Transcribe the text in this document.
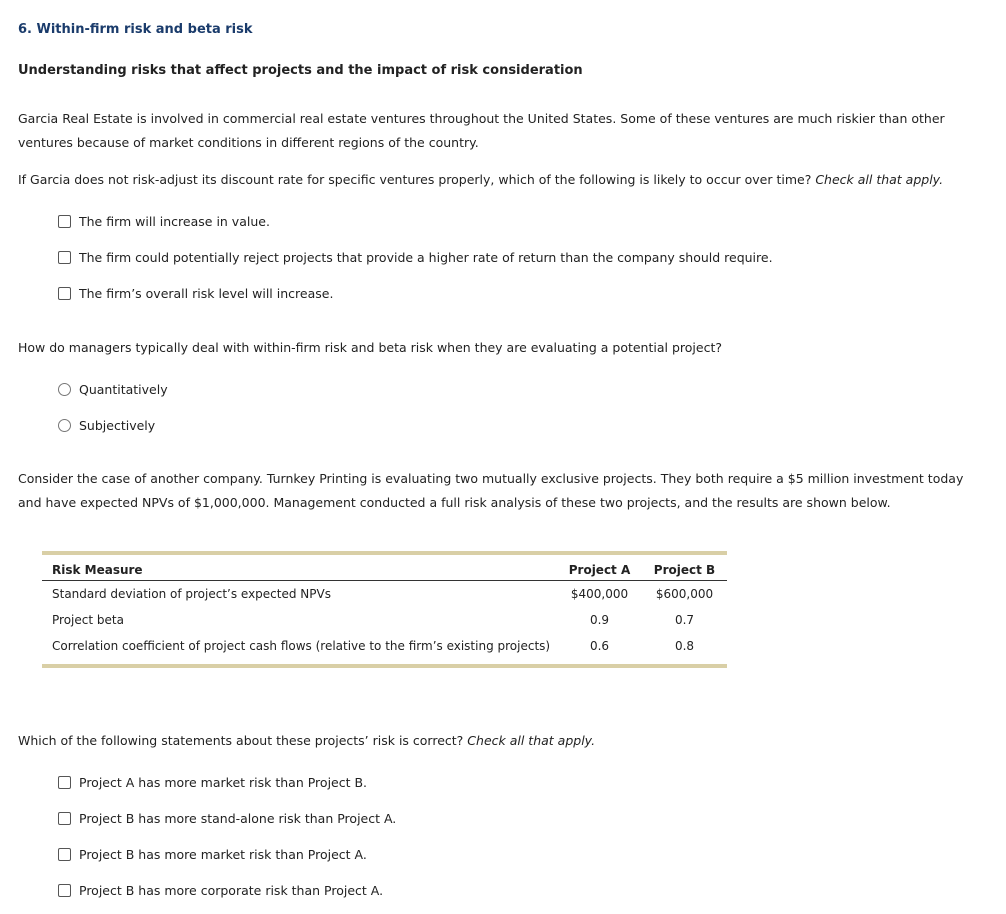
6. Within-firm risk and beta risk
Understanding risks that affect projects and the impact of risk consideration
Garcia Real Estate is involved in commercial real estate ventures throughout the United States. Some of these ventures are much riskier than other
ventures because of market conditions in different regions of the country.
If Garcia does not risk-adjust its discount rate for specific ventures properly, which of the following is likely to occur over time? Check all that apply.
The firm will increase in value.
The firm could potentially reject projects that provide a higher rate of return than the company should require.
The firm’s overall risk level will increase.
How do managers typically deal with within-firm risk and beta risk when they are evaluating a potential project?
Quantitatively
Subjectively
Consider the case of another company. Turnkey Printing is evaluating two mutually exclusive projects. They both require a $5 million investment today
and have expected NPVs of $1,000,000. Management conducted a full risk analysis of these two projects, and the results are shown below.
Risk Measure	Project A	Project B
Standard deviation of project’s expected NPVs	$400,000	$600,000
Project beta	0.9	0.7
Correlation coefficient of project cash flows (relative to the firm’s existing projects)	0.6	0.8
Which of the following statements about these projects’ risk is correct? Check all that apply.
Project A has more market risk than Project B.
Project B has more stand-alone risk than Project A.
Project B has more market risk than Project A.
Project B has more corporate risk than Project A.
